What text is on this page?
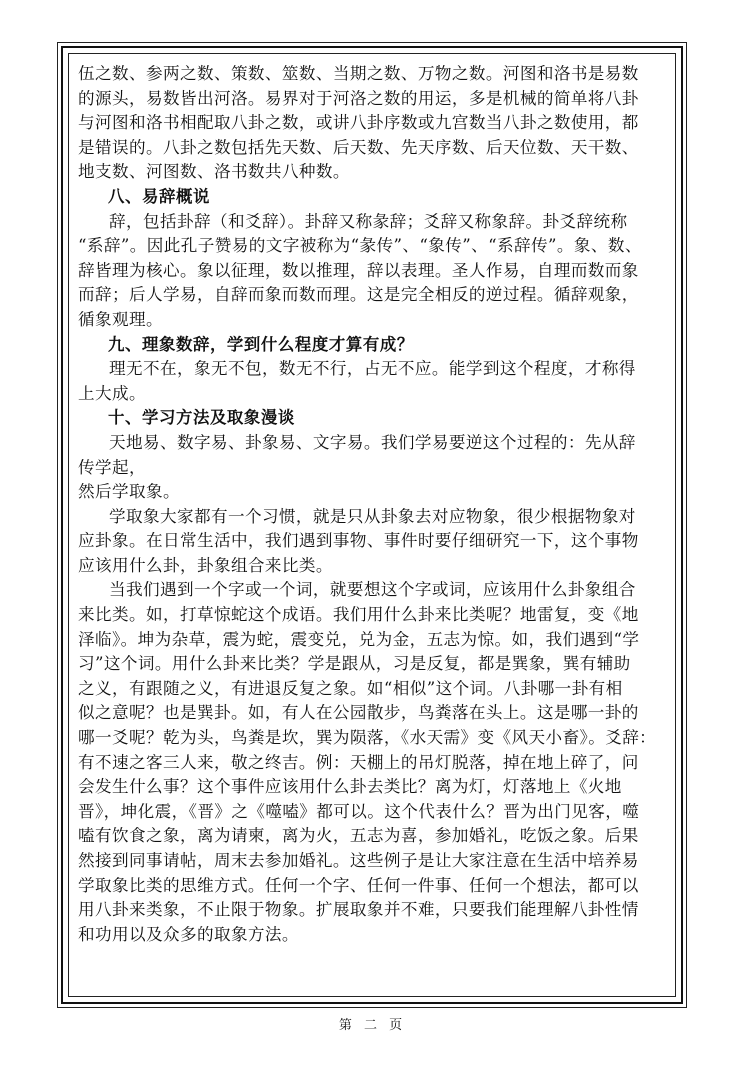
伍之数、参两之数、策数、筮数、当期之数、万物之数。河图和洛书是易数
的源头，易数皆出河洛。易界对于河洛之数的用运，多是机械的简单将八卦
与河图和洛书相配取八卦之数，或讲八卦序数或九宫数当八卦之数使用，都
是错误的。八卦之数包括先天数、后天数、先天序数、后天位数、天干数、
地支数、河图数、洛书数共八种数。
八、易辞概说
辞，包括卦辞（和爻辞）。卦辞又称彖辞；爻辞又称象辞。卦爻辞统称
“系辞”。因此孔子赞易的文字被称为“彖传”、“象传”、“系辞传”。象、数、
辞皆理为核心。象以征理，数以推理，辞以表理。圣人作易，自理而数而象
而辞；后人学易，自辞而象而数而理。这是完全相反的逆过程。循辞观象，
循象观理。
九、理象数辞，学到什么程度才算有成？
理无不在，象无不包，数无不行，占无不应。能学到这个程度，才称得
上大成。
十、学习方法及取象漫谈
天地易、数字易、卦象易、文字易。我们学易要逆这个过程的：先从辞
传学起，
然后学取象。
学取象大家都有一个习惯，就是只从卦象去对应物象，很少根据物象对
应卦象。在日常生活中，我们遇到事物、事件时要仔细研究一下，这个事物
应该用什么卦，卦象组合来比类。
当我们遇到一个字或一个词，就要想这个字或词，应该用什么卦象组合
来比类。如，打草惊蛇这个成语。我们用什么卦来比类呢？地雷复，变《地
泽临》。坤为杂草，震为蛇，震变兑，兑为金，五志为惊。如，我们遇到“学
习”这个词。用什么卦来比类？学是跟从，习是反复，都是巽象，巽有辅助
之义，有跟随之义，有进退反复之象。如“相似”这个词。八卦哪一卦有相
似之意呢？也是巽卦。如，有人在公园散步，鸟粪落在头上。这是哪一卦的
哪一爻呢？乾为头，鸟粪是坎，巽为陨落，《水天需》变《风天小畜》。爻辞：
有不速之客三人来，敬之终吉。例：天棚上的吊灯脱落，掉在地上碎了，问
会发生什么事？这个事件应该用什么卦去类比？离为灯，灯落地上《火地
晋》，坤化震，《晋》之《噬嗑》都可以。这个代表什么？晋为出门见客，噬
嗑有饮食之象，离为请柬，离为火，五志为喜，参加婚礼，吃饭之象。后果
然接到同事请帖，周末去参加婚礼。这些例子是让大家注意在生活中培养易
学取象比类的思维方式。任何一个字、任何一件事、任何一个想法，都可以
用八卦来类象，不止限于物象。扩展取象并不难，只要我们能理解八卦性情
和功用以及众多的取象方法。
第 二 页
